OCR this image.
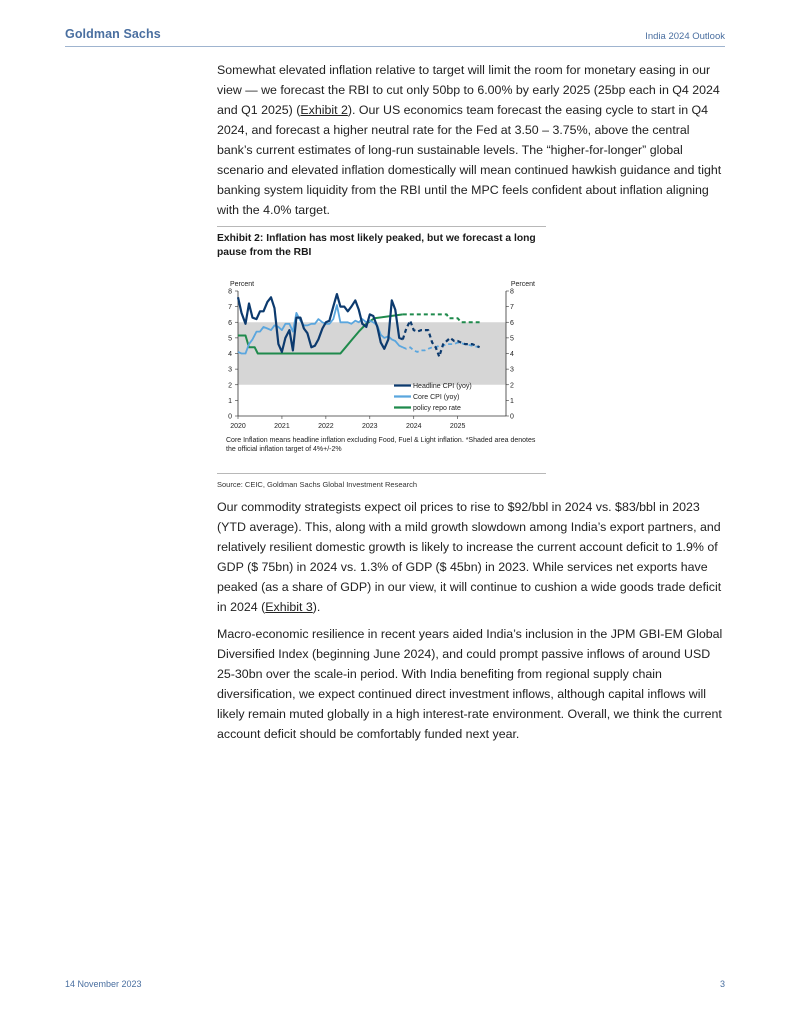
Goldman Sachs	India 2024 Outlook

Somewhat elevated inflation relative to target will limit the room for monetary easing in our view — we forecast the RBI to cut only 50bp to 6.00% by early 2025 (25bp each in Q4 2024 and Q1 2025) (Exhibit 2). Our US economics team forecast the easing cycle to start in Q4 2024, and forecast a higher neutral rate for the Fed at 3.50 – 3.75%, above the central bank’s current estimates of long-run sustainable levels. The “higher-for-longer” global scenario and elevated inflation domestically will mean continued hawkish guidance and tight banking system liquidity from the RBI until the MPC feels confident about inflation aligning with the 4.0% target.

Exhibit 2: Inflation has most likely peaked, but we forecast a long pause from the RBI
0	0
1	1
2	2
3	3
4	4
5	5
6	6
7	7
8	8
2020	2021	2022	2023	2024	2025
Percent	Percent
Headline CPI (yoy)
Core CPI (yoy)
policy repo rate
Core Inflation means headline inflation excluding Food, Fuel & Light inflation. *Shaded area denotes the official inflation target of 4%+/-2%
Source: CEIC, Goldman Sachs Global Investment Research

Our commodity strategists expect oil prices to rise to $92/bbl in 2024 vs. $83/bbl in 2023 (YTD average). This, along with a mild growth slowdown among India’s export partners, and relatively resilient domestic growth is likely to increase the current account deficit to 1.9% of GDP ($ 75bn) in 2024 vs. 1.3% of GDP ($ 45bn) in 2023. While services net exports have peaked (as a share of GDP) in our view, it will continue to cushion a wide goods trade deficit in 2024 (Exhibit 3).

Macro-economic resilience in recent years aided India’s inclusion in the JPM GBI-EM Global Diversified Index (beginning June 2024), and could prompt passive inflows of around USD 25-30bn over the scale-in period. With India benefiting from regional supply chain diversification, we expect continued direct investment inflows, although capital inflows will likely remain muted globally in a high interest-rate environment. Overall, we think the current account deficit should be comfortably funded next year.

14 November 2023	3
